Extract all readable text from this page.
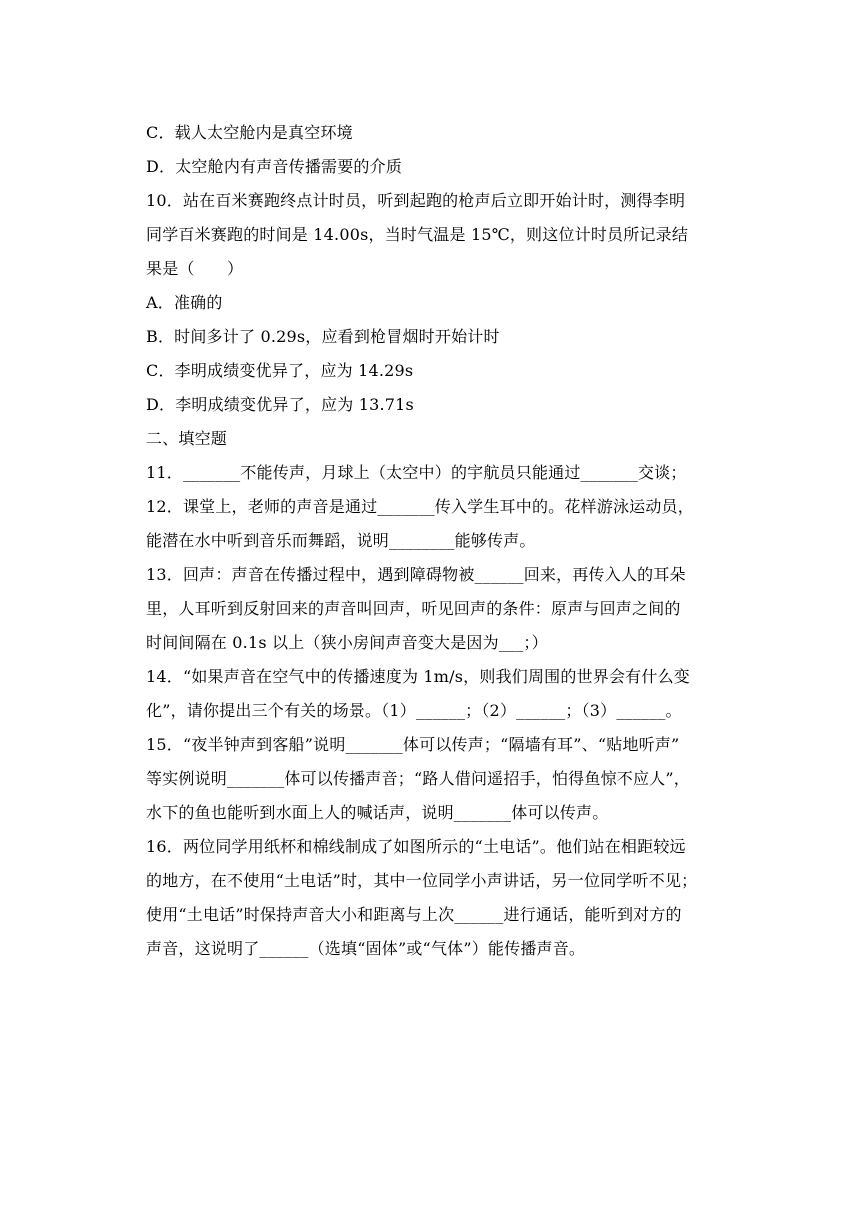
C．载人太空舱内是真空环境
D．太空舱内有声音传播需要的介质
10．站在百米赛跑终点计时员，听到起跑的枪声后立即开始计时，测得李明
同学百米赛跑的时间是 14.00s，当时气温是 15℃，则这位计时员所记录结
果是（　　）
A．准确的
B．时间多计了 0.29s，应看到枪冒烟时开始计时
C．李明成绩变优异了，应为 14.29s
D．李明成绩变优异了，应为 13.71s
二、填空题
11．_______不能传声，月球上（太空中）的宇航员只能通过_______交谈；
12．课堂上，老师的声音是通过_______传入学生耳中的。花样游泳运动员，
能潜在水中听到音乐而舞蹈，说明________能够传声。
13．回声：声音在传播过程中，遇到障碍物被______回来，再传入人的耳朵
里，人耳听到反射回来的声音叫回声，听见回声的条件：原声与回声之间的
时间间隔在 0.1s 以上（狭小房间声音变大是因为___；）
14．“如果声音在空气中的传播速度为 1m/s，则我们周围的世界会有什么变
化”，请你提出三个有关的场景。（1）______；（2）______；（3）______。
15．“夜半钟声到客船”说明_______体可以传声；“隔墙有耳”、“贴地听声”
等实例说明_______体可以传播声音；“路人借问遥招手，怕得鱼惊不应人”，
水下的鱼也能听到水面上人的喊话声，说明_______体可以传声。
16．两位同学用纸杯和棉线制成了如图所示的“土电话”。他们站在相距较远
的地方，在不使用“土电话”时，其中一位同学小声讲话，另一位同学听不见；
使用“土电话”时保持声音大小和距离与上次______进行通话，能听到对方的
声音，这说明了______（选填“固体”或“气体”）能传播声音。
